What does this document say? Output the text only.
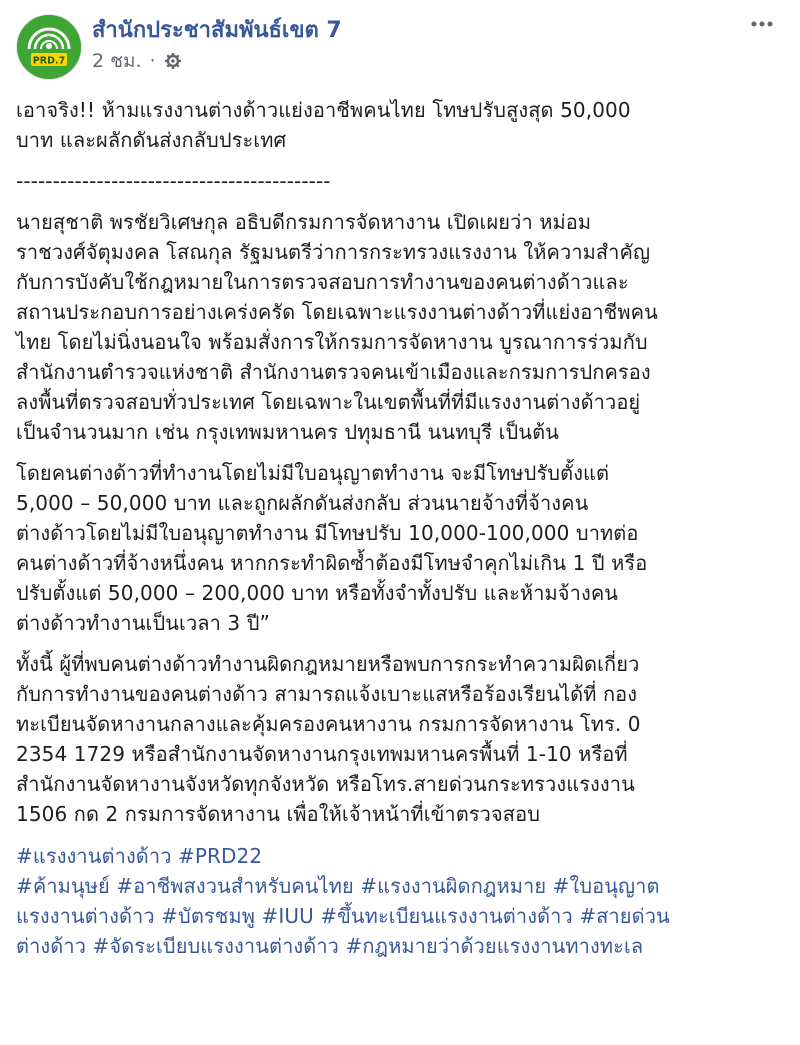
PRD.7
สำนักประชาสัมพันธ์เขต 7
2 ชม. ·
เอาจริง!! ห้ามแรงงานต่างด้าวแย่งอาชีพคนไทย โทษปรับสูงสุด 50,000
บาท และผลักดันส่งกลับประเทศ
-------------------------------------------
นายสุชาติ พรชัยวิเศษกุล อธิบดีกรมการจัดหางาน เปิดเผยว่า หม่อม
ราชวงศ์จัตุมงคล โสณกุล รัฐมนตรีว่าการกระทรวงแรงงาน ให้ความสำคัญ
กับการบังคับใช้กฎหมายในการตรวจสอบการทำงานของคนต่างด้าวและ
สถานประกอบการอย่างเคร่งครัด โดยเฉพาะแรงงานต่างด้าวที่แย่งอาชีพคน
ไทย โดยไม่นิ่งนอนใจ พร้อมสั่งการให้กรมการจัดหางาน บูรณาการร่วมกับ
สำนักงานตำรวจแห่งชาติ สำนักงานตรวจคนเข้าเมืองและกรมการปกครอง
ลงพื้นที่ตรวจสอบทั่วประเทศ โดยเฉพาะในเขตพื้นที่ที่มีแรงงานต่างด้าวอยู่
เป็นจำนวนมาก เช่น กรุงเทพมหานคร ปทุมธานี นนทบุรี เป็นต้น
โดยคนต่างด้าวที่ทำงานโดยไม่มีใบอนุญาตทำงาน จะมีโทษปรับตั้งแต่
5,000 – 50,000 บาท และถูกผลักดันส่งกลับ ส่วนนายจ้างที่จ้างคน
ต่างด้าวโดยไม่มีใบอนุญาตทำงาน มีโทษปรับ 10,000-100,000 บาทต่อ
คนต่างด้าวที่จ้างหนึ่งคน หากกระทำผิดซ้ำต้องมีโทษจำคุกไม่เกิน 1 ปี หรือ
ปรับตั้งแต่ 50,000 – 200,000 บาท หรือทั้งจำทั้งปรับ และห้ามจ้างคน
ต่างด้าวทำงานเป็นเวลา 3 ปี”
ทั้งนี้ ผู้ที่พบคนต่างด้าวทำงานผิดกฎหมายหรือพบการกระทำความผิดเกี่ยว
กับการทำงานของคนต่างด้าว สามารถแจ้งเบาะแสหรือร้องเรียนได้ที่ กอง
ทะเบียนจัดหางานกลางและคุ้มครองคนหางาน กรมการจัดหางาน โทร. 0
2354 1729 หรือสำนักงานจัดหางานกรุงเทพมหานครพื้นที่ 1-10 หรือที่
สำนักงานจัดหางานจังหวัดทุกจังหวัด หรือโทร.สายด่วนกระทรวงแรงงาน
1506 กด 2 กรมการจัดหางาน เพื่อให้เจ้าหน้าที่เข้าตรวจสอบ
#แรงงานต่างด้าว #PRD22
#ค้ามนุษย์ #อาชีพสงวนสำหรับคนไทย #แรงงานผิดกฎหมาย #ใบอนุญาต
แรงงานต่างด้าว #บัตรชมพู #IUU #ขึ้นทะเบียนแรงงานต่างด้าว #สายด่วน
ต่างด้าว #จัดระเบียบแรงงานต่างด้าว #กฎหมายว่าด้วยแรงงานทางทะเล
